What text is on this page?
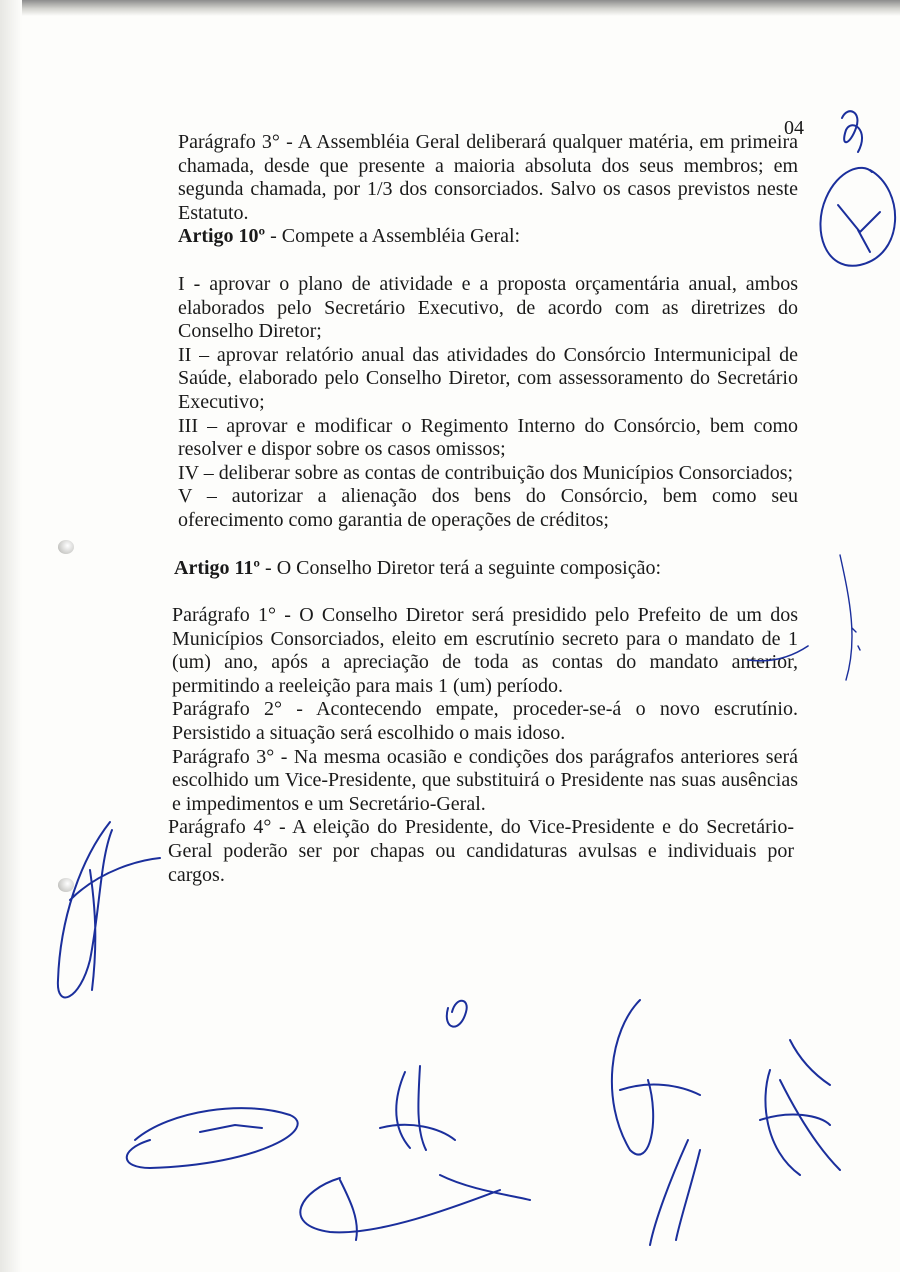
04

Parágrafo 3° - A Assembléia Geral deliberará qualquer matéria, em primeira chamada, desde que presente a maioria absoluta dos seus membros; em segunda chamada, por 1/3 dos consorciados. Salvo os casos previstos neste Estatuto.

Artigo 10º - Compete a Assembléia Geral:

I - aprovar o plano de atividade e a proposta orçamentária anual, ambos elaborados pelo Secretário Executivo, de acordo com as diretrizes do Conselho Diretor;

II – aprovar relatório anual das atividades do Consórcio Intermunicipal de Saúde, elaborado pelo Conselho Diretor, com assessoramento do Secretário Executivo;

III – aprovar e modificar o Regimento Interno do Consórcio, bem como resolver e dispor sobre os casos omissos;

IV – deliberar sobre as contas de contribuição dos Municípios Consorciados;

V – autorizar a alienação dos bens do Consórcio, bem como seu oferecimento como garantia de operações de créditos;

Artigo 11º - O Conselho Diretor terá a seguinte composição:

Parágrafo 1° - O Conselho Diretor será presidido pelo Prefeito de um dos Municípios Consorciados, eleito em escrutínio secreto para o mandato de 1 (um) ano, após a apreciação de toda as contas do mandato anterior, permitindo a reeleição para mais 1 (um) período.

Parágrafo 2° - Acontecendo empate, proceder-se-á o novo escrutínio. Persistido a situação será escolhido o mais idoso.

Parágrafo 3° - Na mesma ocasião e condições dos parágrafos anteriores será escolhido um Vice-Presidente, que substituirá o Presidente nas suas ausências e impedimentos e um Secretário-Geral.

Parágrafo 4° - A eleição do Presidente, do Vice-Presidente e do Secretário-Geral poderão ser por chapas ou candidaturas avulsas e individuais por cargos.
